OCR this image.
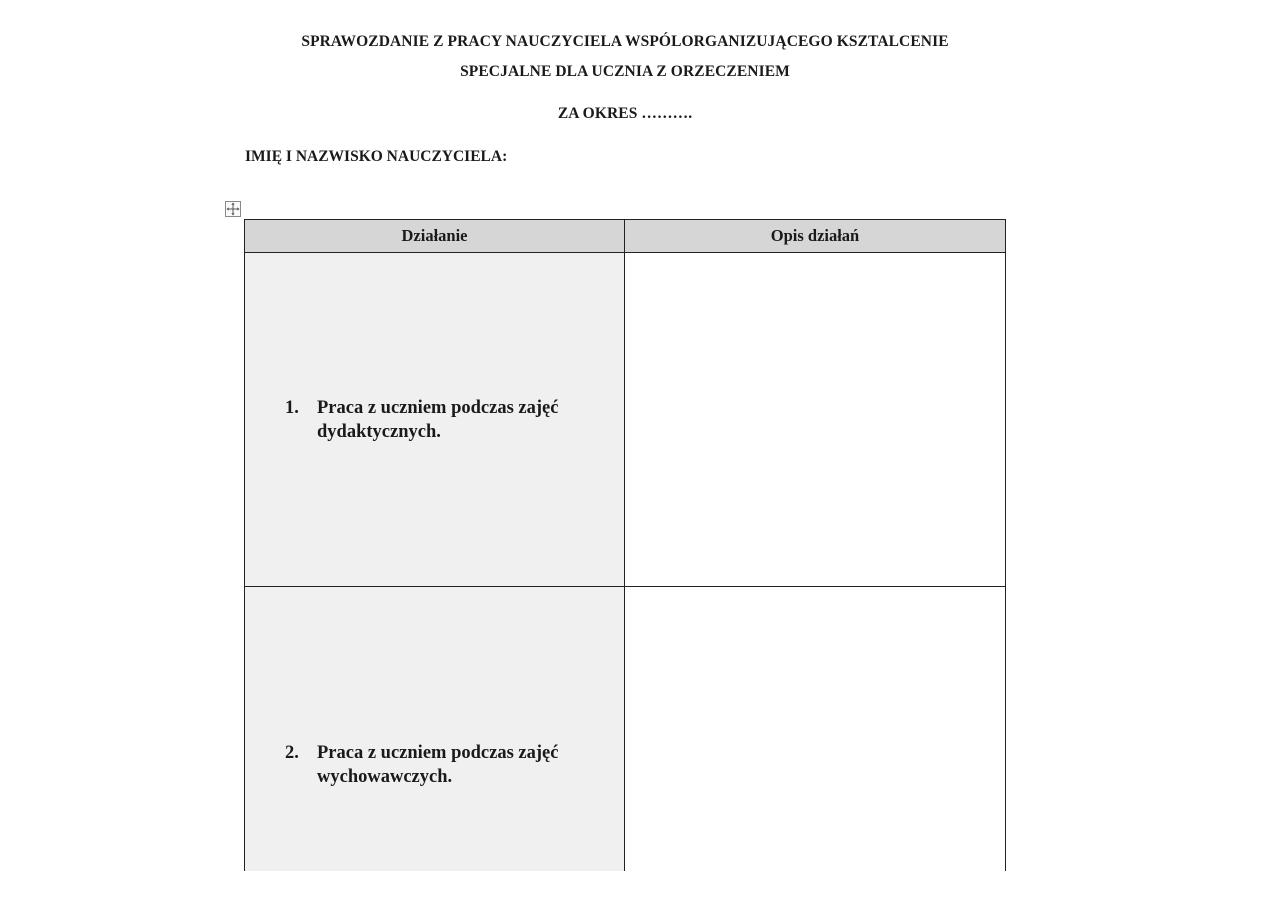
SPRAWOZDANIE Z PRACY NAUCZYCIELA WSPÓLORGANIZUJĄCEGO KSZTALCENIE
SPECJALNE DLA UCZNIA Z ORZECZENIEM
ZA OKRES ……….
IMIĘ I NAZWISKO NAUCZYCIELA:
Działanie	Opis działań

1. Praca z uczniem podczas zajęć dydaktycznych.	

2. Praca z uczniem podczas zajęć wychowawczych.	
